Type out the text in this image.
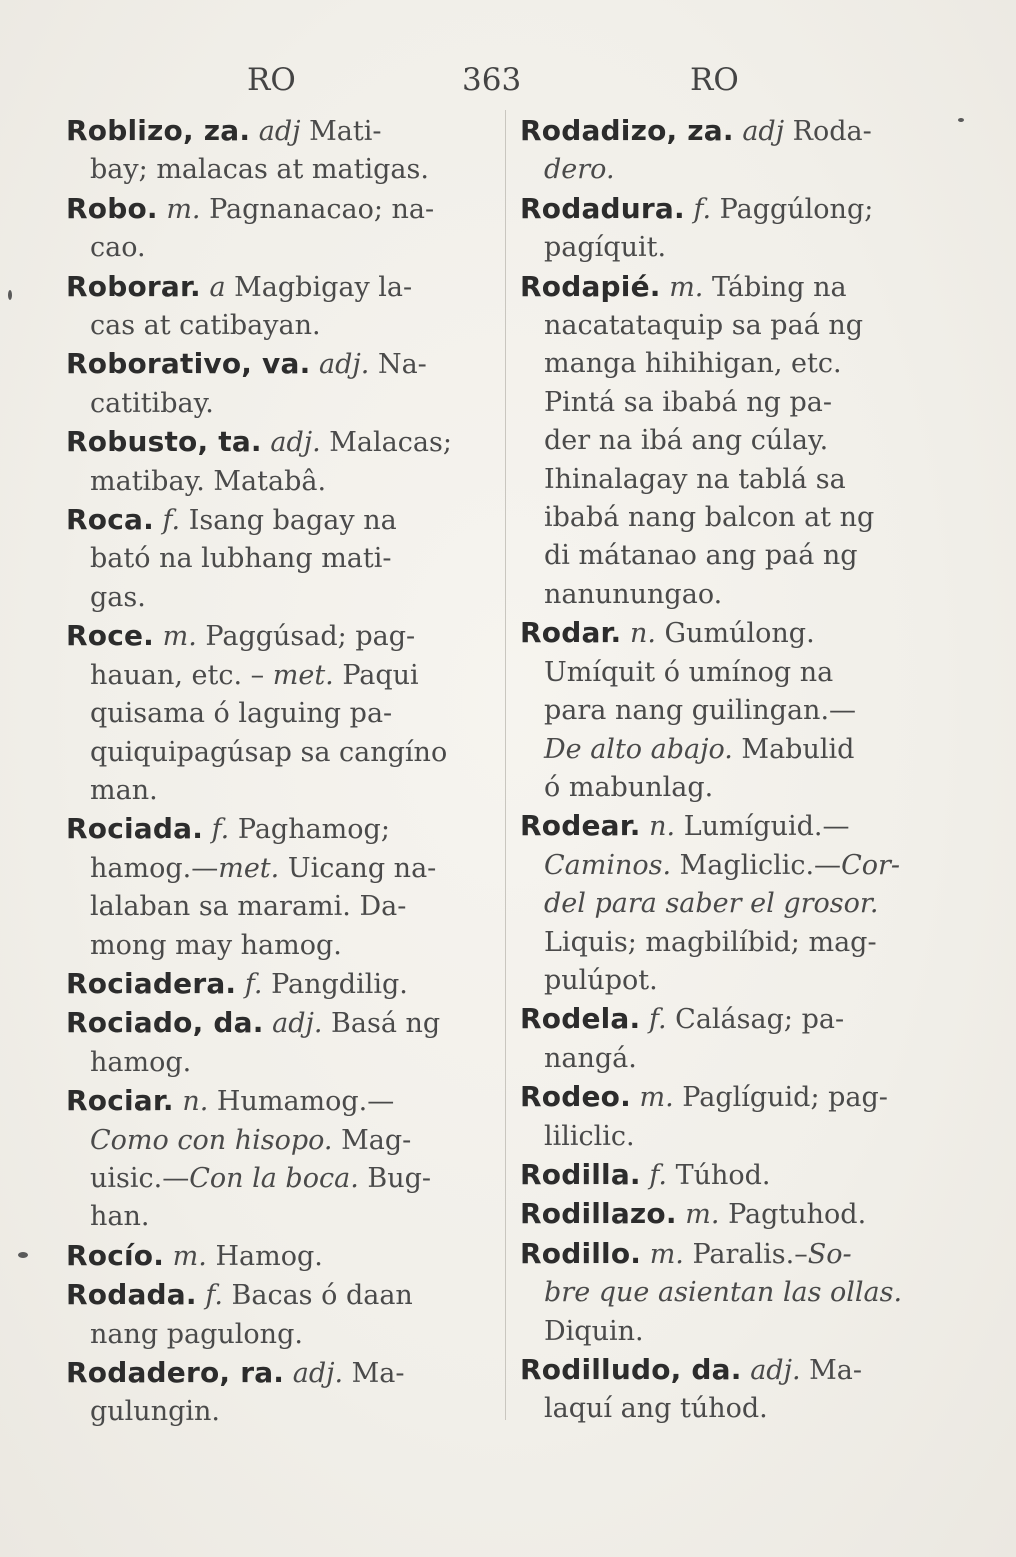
RO	363	RO
Roblizo, za. adj Mati-
bay; malacas at matigas.
Robo. m. Pagnanacao; na-
cao.
Roborar. a Magbigay la-
cas at catibayan.
Roborativo, va. adj. Na-
catitibay.
Robusto, ta. adj. Malacas;
matibay. Matabâ.
Roca. f. Isang bagay na
bató na lubhang mati-
gas.
Roce. m. Paggúsad; pag-
hauan, etc. – met. Paqui
quisama ó laguing pa-
quiquipagúsap sa cangíno
man.
Rociada. f. Paghamog;
hamog.—met. Uicang na-
lalaban sa marami. Da-
mong may hamog.
Rociadera. f. Pangdilig.
Rociado, da. adj. Basá ng
hamog.
Rociar. n. Humamog.—
Como con hisopo. Mag-
uisic.—Con la boca. Bug-
han.
Rocío. m. Hamog.
Rodada. f. Bacas ó daan
nang pagulong.
Rodadero, ra. adj. Ma-
gulungin.
Rodadizo, za. adj Roda-
dero.
Rodadura. f. Paggúlong;
pagíquit.
Rodapié. m. Tábing na
nacatataquip sa paá ng
manga hihihigan, etc.
Pintá sa ibabá ng pa-
der na ibá ang cúlay.
Ihinalagay na tablá sa
ibabá nang balcon at ng
di mátanao ang paá ng
nanunungao.
Rodar. n. Gumúlong.
Umíquit ó umínog na
para nang guilingan.—
De alto abajo. Mabulid
ó mabunlag.
Rodear. n. Lumíguid.—
Caminos. Magliclic.—Cor-
del para saber el grosor.
Liquis; magbilíbid; mag-
pulúpot.
Rodela. f. Calásag; pa-
nangá.
Rodeo. m. Paglíguid; pag-
liliclic.
Rodilla. f. Túhod.
Rodillazo. m. Pagtuhod.
Rodillo. m. Paralis.–So-
bre que asientan las ollas.
Diquin.
Rodilludo, da. adj. Ma-
laquí ang túhod.
